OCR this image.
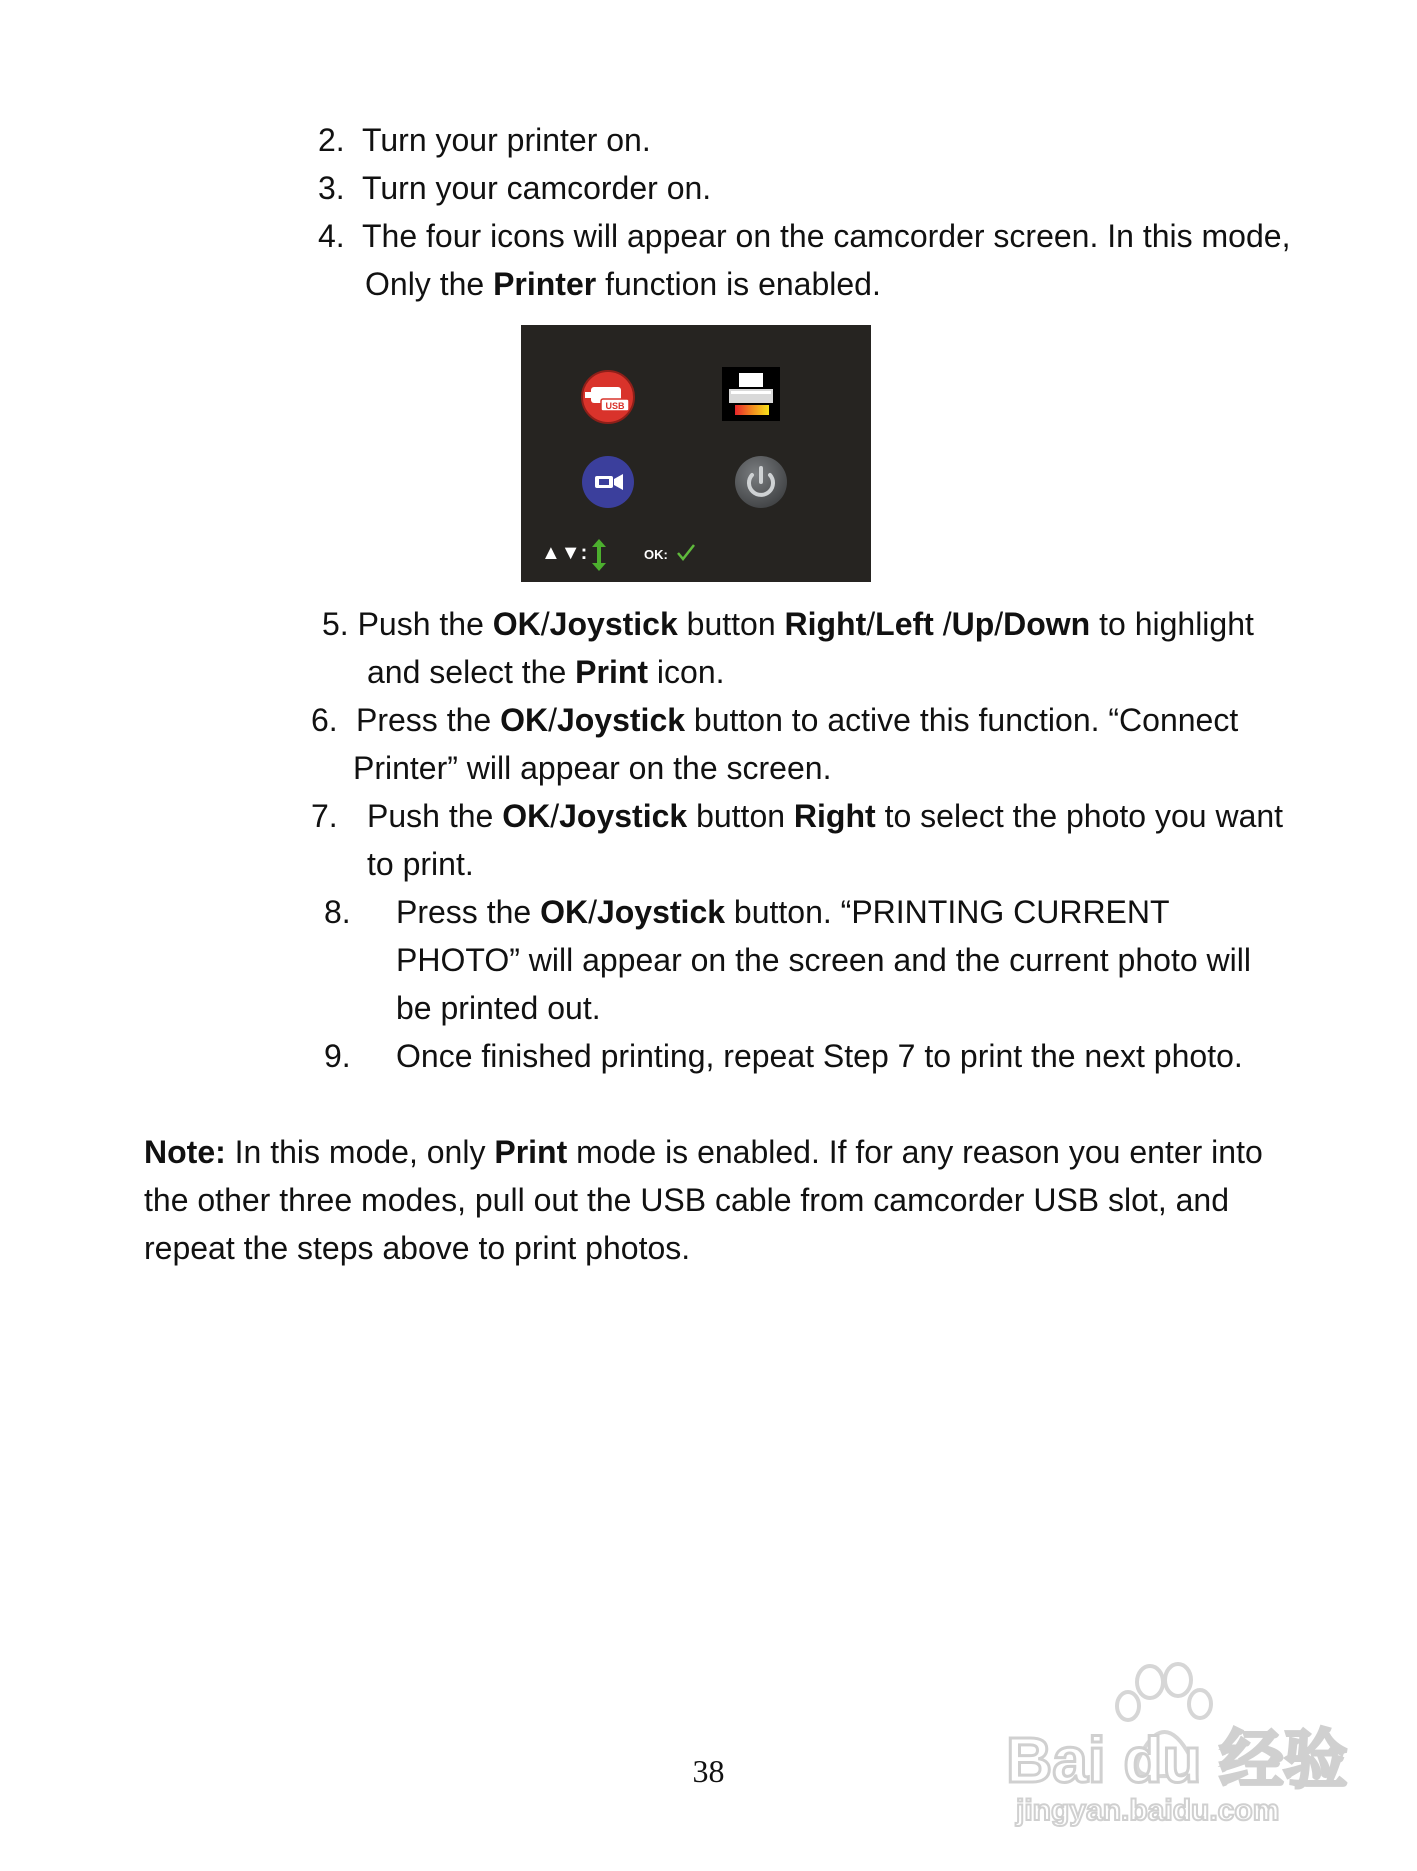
2. Turn your printer on.
3. Turn your camcorder on.
4. The four icons will appear on the camcorder screen. In this mode,
Only the Printer function is enabled.
USB
▲▼:	OK:
5. Push the OK/Joystick button Right/Left /Up/Down to highlight
and select the Print icon.
6. Press the OK/Joystick button to active this function. “Connect
Printer” will appear on the screen.
7. Push the OK/Joystick button Right to select the photo you want
to print.
8. Press the OK/Joystick button. “PRINTING CURRENT
PHOTO” will appear on the screen and the current photo will
be printed out.
9. Once finished printing, repeat Step 7 to print the next photo.
Note: In this mode, only Print mode is enabled. If for any reason you enter into
the other three modes, pull out the USB cable from camcorder USB slot, and
repeat the steps above to print photos.
38	Bai du 经验
jingyan.baidu.com
